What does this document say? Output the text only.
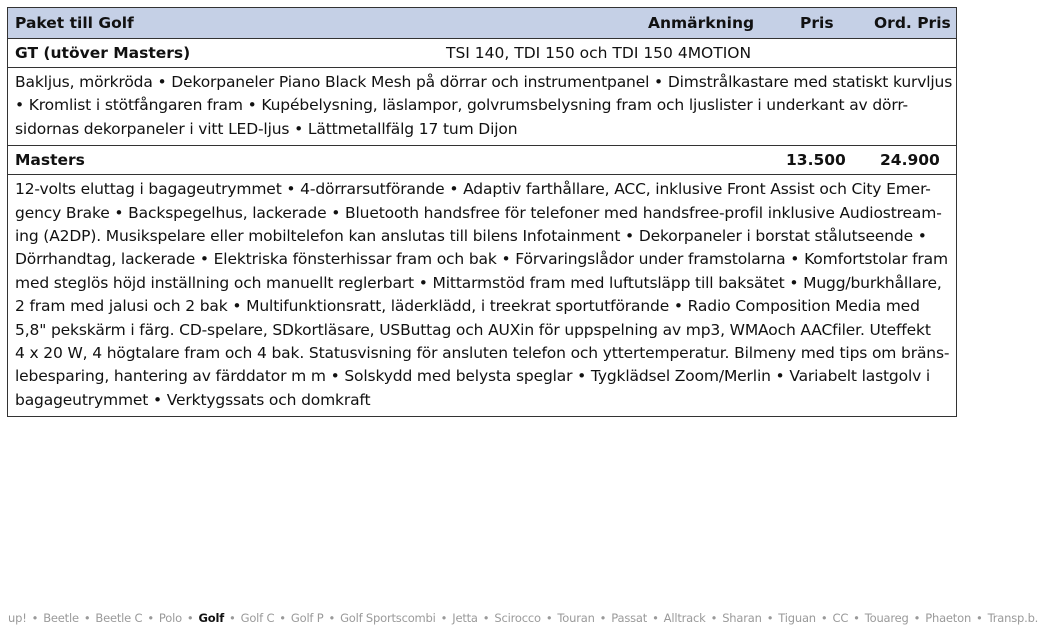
Paket till Golf	Anmärkning	Pris	Ord. Pris
GT (utöver Masters)	TSI 140, TDI 150 och TDI 150 4MOTION
Bakljus, mörkröda • Dekorpaneler Piano Black Mesh på dörrar och instrumentpanel • Dimstrålkastare med statiskt kurvljus
• Kromlist i stötfångaren fram • Kupébelysning, läslampor, golvrumsbelysning fram och ljuslister i underkant av dörr-
sidornas dekorpaneler i vitt LED-ljus • Lättmetallfälg 17 tum Dijon
Masters	13.500 24.900
12-volts eluttag i bagageutrymmet • 4-dörrarsutförande • Adaptiv farthållare, ACC, inklusive Front Assist och City Emer-
gency Brake • Backspegelhus, lackerade • Bluetooth handsfree för telefoner med handsfree-profil inklusive Audiostream-
ing (A2DP). Musikspelare eller mobiltelefon kan anslutas till bilens Infotainment • Dekorpaneler i borstat stålutseende •
Dörrhandtag, lackerade • Elektriska fönsterhissar fram och bak • Förvaringslådor under framstolarna • Komfortstolar fram
med steglös höjd inställning och manuellt reglerbart • Mittarmstöd fram med luftutsläpp till baksätet • Mugg/burkhållare,
2 fram med jalusi och 2 bak • Multifunktionsratt, läderklädd, i treekrat sportutförande • Radio Composition Media med
5,8" pekskärm i färg. CD-spelare, SDkortläsare, USButtag och AUXin för uppspelning av mp3, WMAoch AACfiler. Uteffekt
4 x 20 W, 4 högtalare fram och 4 bak. Statusvisning för ansluten telefon och yttertemperatur. Bilmeny med tips om bräns-
lebesparing, hantering av färddator m m • Solskydd med belysta speglar • Tygklädsel Zoom/Merlin • Variabelt lastgolv i
bagageutrymmet • Verktygssats och domkraft
up! • Beetle • Beetle C • Polo • Golf • Golf C • Golf P • Golf Sportscombi • Jetta • Scirocco • Touran • Passat • Alltrack • Sharan • Tiguan • CC • Touareg • Phaeton • Transp.b.
